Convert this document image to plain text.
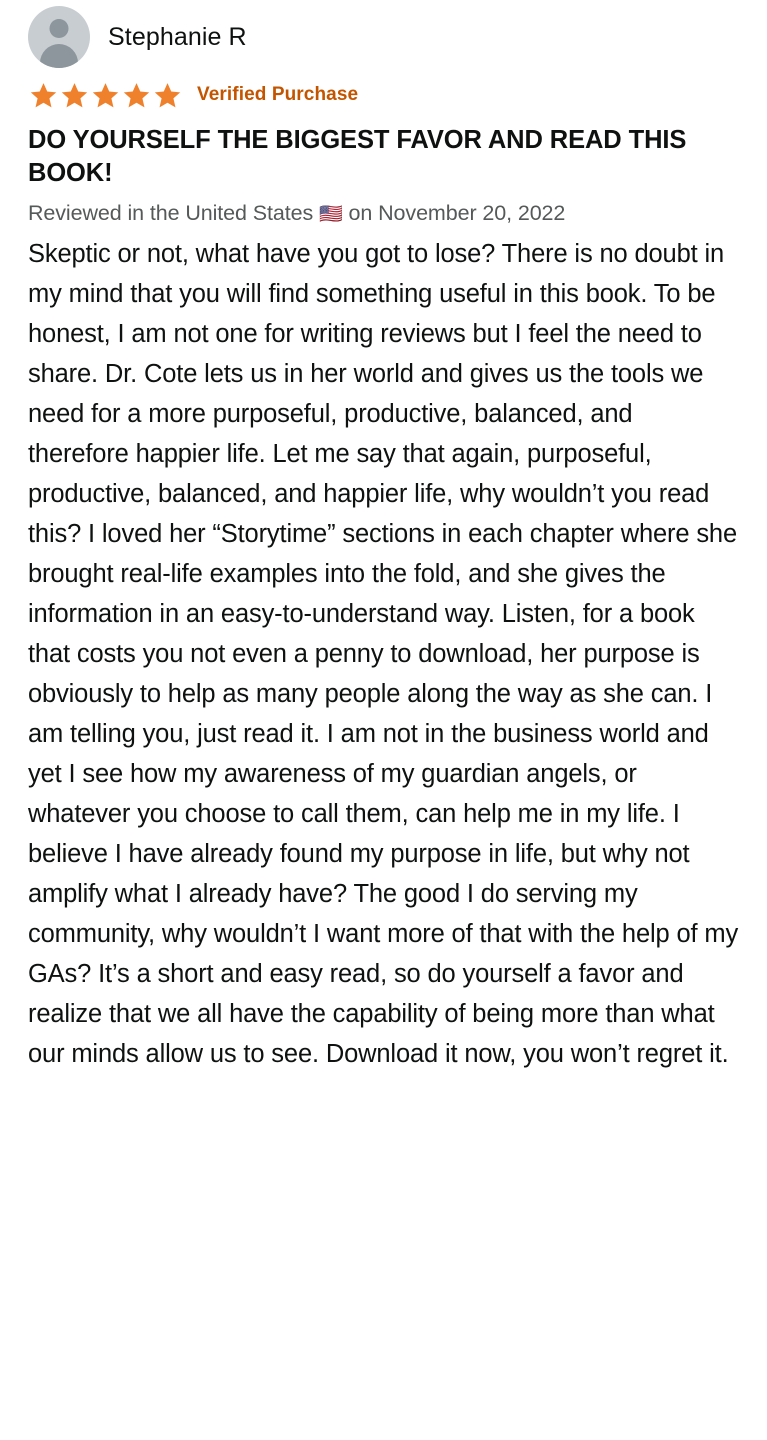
Stephanie R
Verified Purchase
DO YOURSELF THE BIGGEST FAVOR AND READ THIS BOOK!
Reviewed in the United States 🇺🇸 on November 20, 2022
Skeptic or not, what have you got to lose? There is no doubt in my mind that you will find something useful in this book. To be honest, I am not one for writing reviews but I feel the need to share. Dr. Cote lets us in her world and gives us the tools we need for a more purposeful, productive, balanced, and therefore happier life. Let me say that again, purposeful, productive, balanced, and happier life, why wouldn’t you read this? I loved her “Storytime” sections in each chapter where she brought real-life examples into the fold, and she gives the information in an easy-to-understand way. Listen, for a book that costs you not even a penny to download, her purpose is obviously to help as many people along the way as she can. I am telling you, just read it. I am not in the business world and yet I see how my awareness of my guardian angels, or whatever you choose to call them, can help me in my life. I believe I have already found my purpose in life, but why not amplify what I already have? The good I do serving my community, why wouldn’t I want more of that with the help of my GAs? It’s a short and easy read, so do yourself a favor and realize that we all have the capability of being more than what our minds allow us to see. Download it now, you won’t regret it.
